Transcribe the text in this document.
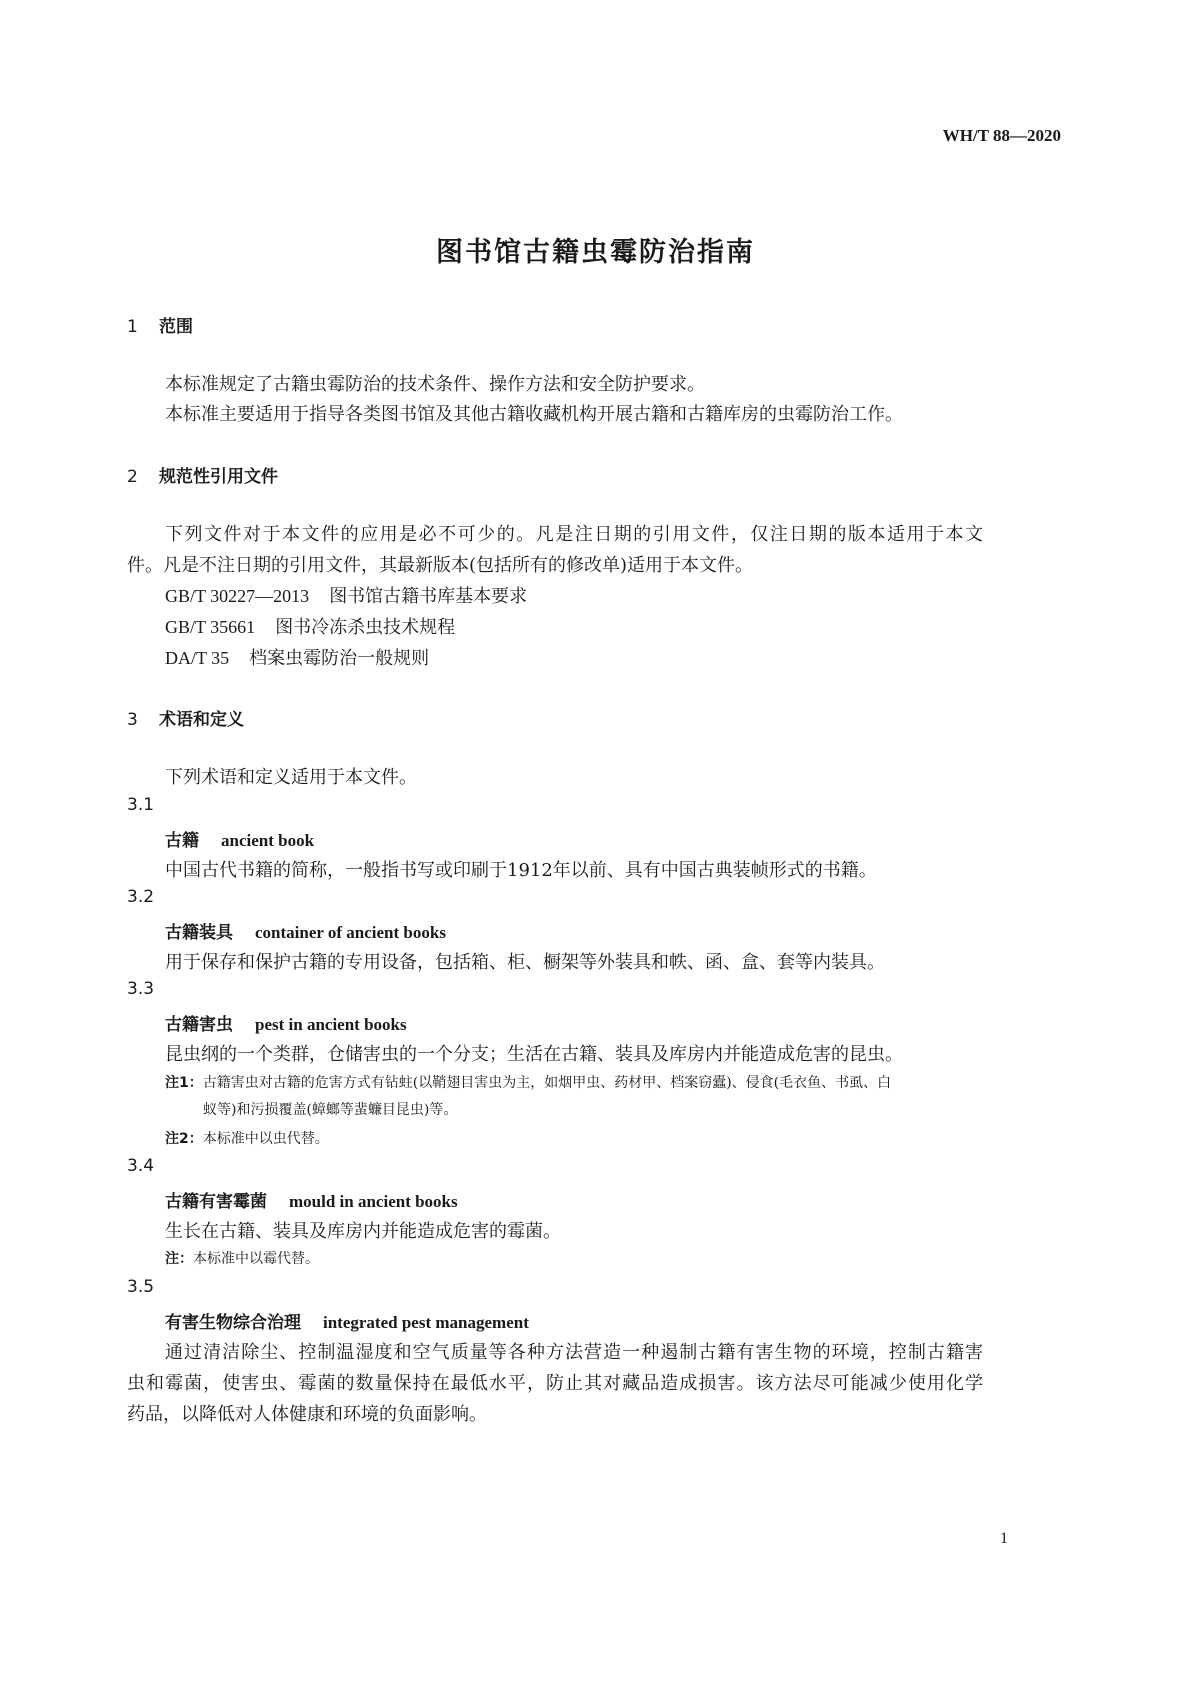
WH/T 88—2020
图书馆古籍虫霉防治指南
1 范围
本标准规定了古籍虫霉防治的技术条件、操作方法和安全防护要求。
本标准主要适用于指导各类图书馆及其他古籍收藏机构开展古籍和古籍库房的虫霉防治工作。
2 规范性引用文件
下列文件对于本文件的应用是必不可少的。凡是注日期的引用文件，仅注日期的版本适用于本文
件。凡是不注日期的引用文件，其最新版本(包括所有的修改单)适用于本文件。
GB/T 30227—2013 图书馆古籍书库基本要求
GB/T 35661 图书冷冻杀虫技术规程
DA/T 35 档案虫霉防治一般规则
3 术语和定义
下列术语和定义适用于本文件。
3.1
古籍 ancient book
中国古代书籍的简称，一般指书写或印刷于1912年以前、具有中国古典装帧形式的书籍。
3.2
古籍装具 container of ancient books
用于保存和保护古籍的专用设备，包括箱、柜、橱架等外装具和帙、函、盒、套等内装具。
3.3
古籍害虫 pest in ancient books
昆虫纲的一个类群，仓储害虫的一个分支；生活在古籍、装具及库房内并能造成危害的昆虫。
注1：古籍害虫对古籍的危害方式有钻蛀(以鞘翅目害虫为主，如烟甲虫、药材甲、档案窃蠹)、侵食(毛衣鱼、书虱、白
蚁等)和污损覆盖(蟑螂等蜚蠊目昆虫)等。
注2：本标准中以虫代替。
3.4
古籍有害霉菌 mould in ancient books
生长在古籍、装具及库房内并能造成危害的霉菌。
注：本标准中以霉代替。
3.5
有害生物综合治理 integrated pest management
通过清洁除尘、控制温湿度和空气质量等各种方法营造一种遏制古籍有害生物的环境，控制古籍害
虫和霉菌，使害虫、霉菌的数量保持在最低水平，防止其对藏品造成损害。该方法尽可能减少使用化学
药品，以降低对人体健康和环境的负面影响。
1
